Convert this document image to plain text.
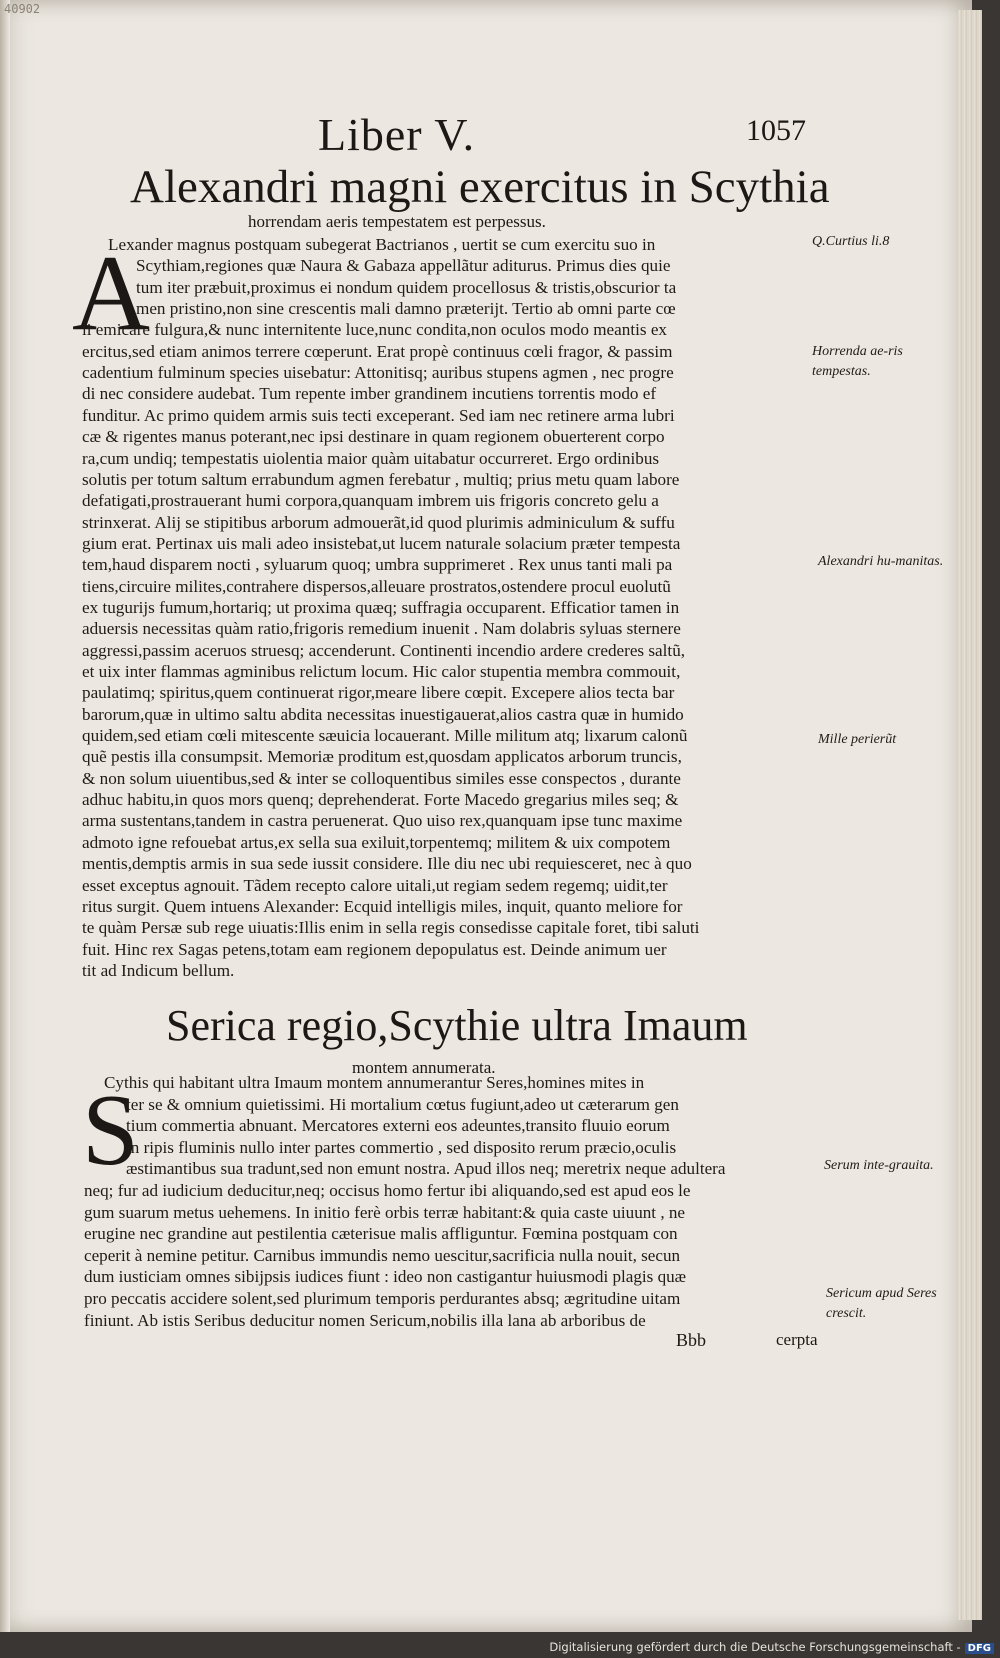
40902
Liber V.	1057
Alexandri magni exercitus in Scythia
horrendam aeris tempestatem est perpessus.
A
Lexander magnus postquam subegerat Bactrianos , uertit se cum exercitu suo in
Scythiam,regiones quæ Naura & Gabaza appellãtur aditurus. Primus dies quie
tum iter præbuit,proximus ei nondum quidem procellosus & tristis,obscurior ta
men pristino,non sine crescentis mali damno præterijt. Tertio ab omni parte cœ
li emicare fulgura,& nunc internitente luce,nunc condita,non oculos modo meantis ex
ercitus,sed etiam animos terrere cœperunt. Erat propè continuus cœli fragor, & passim
cadentium fulminum species uisebatur: Attonitisq; auribus stupens agmen , nec progre
di nec considere audebat. Tum repente imber grandinem incutiens torrentis modo ef
funditur. Ac primo quidem armis suis tecti exceperant. Sed iam nec retinere arma lubri
cæ & rigentes manus poterant,nec ipsi destinare in quam regionem obuerterent corpo
ra,cum undiq; tempestatis uiolentia maior quàm uitabatur occurreret. Ergo ordinibus
solutis per totum saltum errabundum agmen ferebatur , multiq; prius metu quam labore
defatigati,prostrauerant humi corpora,quanquam imbrem uis frigoris concreto gelu a
strinxerat. Alij se stipitibus arborum admouerãt,id quod plurimis adminiculum & suffu
gium erat. Pertinax uis mali adeo insistebat,ut lucem naturale solacium præter tempesta
tem,haud disparem nocti , syluarum quoq; umbra supprimeret . Rex unus tanti mali pa
tiens,circuire milites,contrahere dispersos,alleuare prostratos,ostendere procul euolutũ
ex tugurijs fumum,hortariq; ut proxima quæq; suffragia occuparent. Efficatior tamen in
aduersis necessitas quàm ratio,frigoris remedium inuenit . Nam dolabris syluas sternere
aggressi,passim aceruos struesq; accenderunt. Continenti incendio ardere crederes saltũ,
et uix inter flammas agminibus relictum locum. Hic calor stupentia membra commouit,
paulatimq; spiritus,quem continuerat rigor,meare libere cœpit. Excepere alios tecta bar
barorum,quæ in ultimo saltu abdita necessitas inuestigauerat,alios castra quæ in humido
quidem,sed etiam cœli mitescente sæuicia locauerant. Mille militum atq; lixarum calonũ
quẽ pestis illa consumpsit. Memoriæ proditum est,quosdam applicatos arborum truncis,
& non solum uiuentibus,sed & inter se colloquentibus similes esse conspectos , durante
adhuc habitu,in quos mors quenq; deprehenderat. Forte Macedo gregarius miles seq; &
arma sustentans,tandem in castra peruenerat. Quo uiso rex,quanquam ipse tunc maxime
admoto igne refouebat artus,ex sella sua exiluit,torpentemq; militem & uix compotem
mentis,demptis armis in sua sede iussit considere. Ille diu nec ubi requiesceret, nec à quo
esset exceptus agnouit. Tãdem recepto calore uitali,ut regiam sedem regemq; uidit,ter
ritus surgit. Quem intuens Alexander: Ecquid intelligis miles, inquit, quanto meliore for
te quàm Persæ sub rege uiuatis:Illis enim in sella regis consedisse capitale foret, tibi saluti
fuit. Hinc rex Sagas petens,totam eam regionem depopulatus est. Deinde animum uer
tit ad Indicum bellum.
Q.Curtius li.8
Horrenda ae-ris tempestas.
Alexandri hu-manitas.
Mille perierũt
Serica regio,Scythie ultra Imaum
montem annumerata.
S
Cythis qui habitant ultra Imaum montem annumerantur Seres,homines mites in
ter se & omnium quietissimi. Hi mortalium cœtus fugiunt,adeo ut cæterarum gen
tium commertia abnuant. Mercatores externi eos adeuntes,transito fluuio eorum
in ripis fluminis nullo inter partes commertio , sed disposito rerum præcio,oculis
æstimantibus sua tradunt,sed non emunt nostra. Apud illos neq; meretrix neque adultera
neq; fur ad iudicium deducitur,neq; occisus homo fertur ibi aliquando,sed est apud eos le
gum suarum metus uehemens. In initio ferè orbis terræ habitant:& quia caste uiuunt , ne
erugine nec grandine aut pestilentia cæterisue malis affliguntur. Fœmina postquam con
ceperit à nemine petitur. Carnibus immundis nemo uescitur,sacrificia nulla nouit, secun
dum iusticiam omnes sibijpsis iudices fiunt : ideo non castigantur huiusmodi plagis quæ
pro peccatis accidere solent,sed plurimum temporis perdurantes absq; ægritudine uitam
finiunt. Ab istis Seribus deducitur nomen Sericum,nobilis illa lana ab arboribus de
Serum inte-grauita.
Sericum apud Seres crescit.
Bbb	cerpta
Digitalisierung gefördert durch die Deutsche Forschungsgemeinschaft - DFG
